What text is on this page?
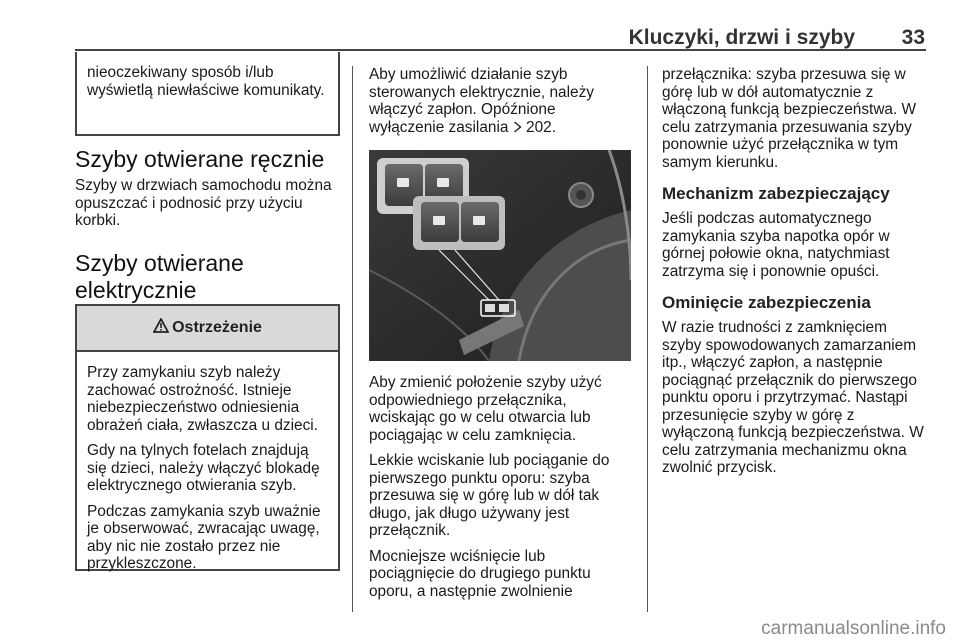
Kluczyki, drzwi i szyby 33

nieoczekiwany sposób i/lub wyświetlą niewłaściwe komunikaty.

Szyby otwierane ręcznie

Szyby w drzwiach samochodu można opuszczać i podnosić przy użyciu korbki.

Szyby otwierane
elektrycznie
Ostrzeżenie

Przy zamykaniu szyb należy zachować ostrożność. Istnieje niebezpieczeństwo odniesienia obrażeń ciała, zwłaszcza u dzieci.

Gdy na tylnych fotelach znajdują się dzieci, należy włączyć blokadę elektrycznego otwierania szyb.

Podczas zamykania szyb uważnie je obserwować, zwracając uwagę, aby nic nie zostało przez nie przykleszczone.

Aby umożliwić działanie szyb sterowanych elektrycznie, należy włączyć zapłon. Opóźnione wyłączenie zasilania 202.

Aby zmienić położenie szyby użyć odpowiedniego przełącznika, wciskając go w celu otwarcia lub pociągając w celu zamknięcia.

Lekkie wciskanie lub pociąganie do pierwszego punktu oporu: szyba przesuwa się w górę lub w dół tak długo, jak długo używany jest przełącznik.

Mocniejsze wciśnięcie lub pociągnięcie do drugiego punktu oporu, a następnie zwolnienie

przełącznika: szyba przesuwa się w górę lub w dół automatycznie z włączoną funkcją bezpieczeństwa. W celu zatrzymania przesuwania szyby ponownie użyć przełącznika w tym samym kierunku.

Mechanizm zabezpieczający

Jeśli podczas automatycznego zamykania szyba napotka opór w górnej połowie okna, natychmiast zatrzyma się i ponownie opuści.

Ominięcie zabezpieczenia

W razie trudności z zamknięciem szyby spowodowanych zamarzaniem itp., włączyć zapłon, a następnie pociągnąć przełącznik do pierwszego punktu oporu i przytrzymać. Nastąpi przesunięcie szyby w górę z wyłączoną funkcją bezpieczeństwa. W celu zatrzymania mechanizmu okna zwolnić przycisk.

carmanualsonline.info
